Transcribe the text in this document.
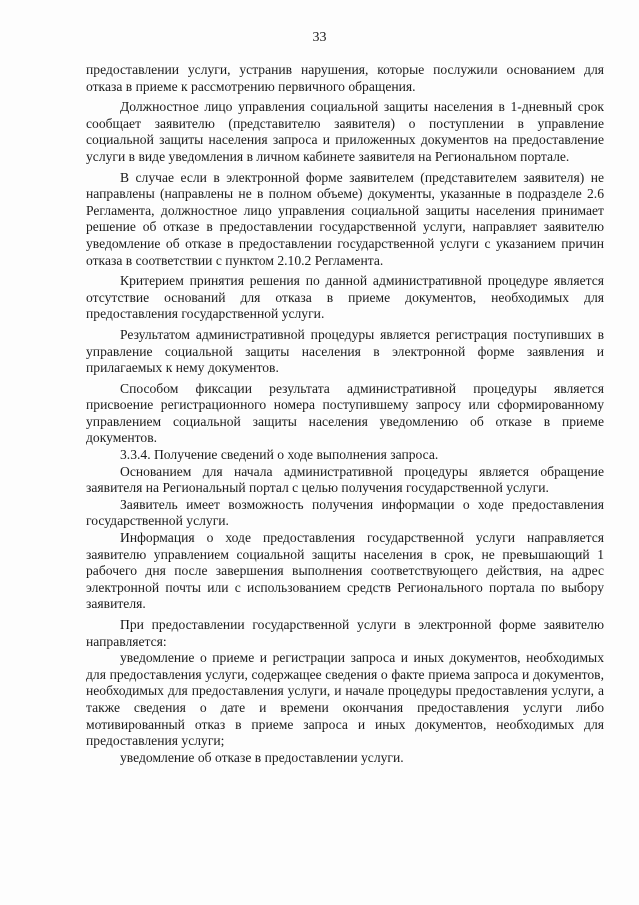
33

предоставлении услуги, устранив нарушения, которые послужили основанием для отказа в приеме к рассмотрению первичного обращения.

Должностное лицо управления социальной защиты населения в 1-дневный срок сообщает заявителю (представителю заявителя) о поступлении в управление социальной защиты населения запроса и приложенных документов на предоставление услуги в виде уведомления в личном кабинете заявителя на Региональном портале.

В случае если в электронной форме заявителем (представителем заявителя) не направлены (направлены не в полном объеме) документы, указанные в подразделе 2.6 Регламента, должностное лицо управления социальной защиты населения принимает решение об отказе в предоставлении государственной услуги, направляет заявителю уведомление об отказе в предоставлении государственной услуги с указанием причин отказа в соответствии с пунктом 2.10.2 Регламента.

Критерием принятия решения по данной административной процедуре является отсутствие оснований для отказа в приеме документов, необходимых для предоставления государственной услуги.

Результатом административной процедуры является регистрация поступивших в управление социальной защиты населения в электронной форме заявления и прилагаемых к нему документов.

Способом фиксации результата административной процедуры является присвоение регистрационного номера поступившему запросу или сформированному управлением социальной защиты населения уведомлению об отказе в приеме документов.

3.3.4. Получение сведений о ходе выполнения запроса.

Основанием для начала административной процедуры является обращение заявителя на Региональный портал с целью получения государственной услуги.

Заявитель имеет возможность получения информации о ходе предоставления государственной услуги.

Информация о ходе предоставления государственной услуги направляется заявителю управлением социальной защиты населения в срок, не превышающий 1 рабочего дня после завершения выполнения соответствующего действия, на адрес электронной почты или с использованием средств Регионального портала по выбору заявителя.

При предоставлении государственной услуги в электронной форме заявителю направляется:

уведомление о приеме и регистрации запроса и иных документов, необходимых для предоставления услуги, содержащее сведения о факте приема запроса и документов, необходимых для предоставления услуги, и начале процедуры предоставления услуги, а также сведения о дате и времени окончания предоставления услуги либо мотивированный отказ в приеме запроса и иных документов, необходимых для предоставления услуги;

уведомление об отказе в предоставлении услуги.
